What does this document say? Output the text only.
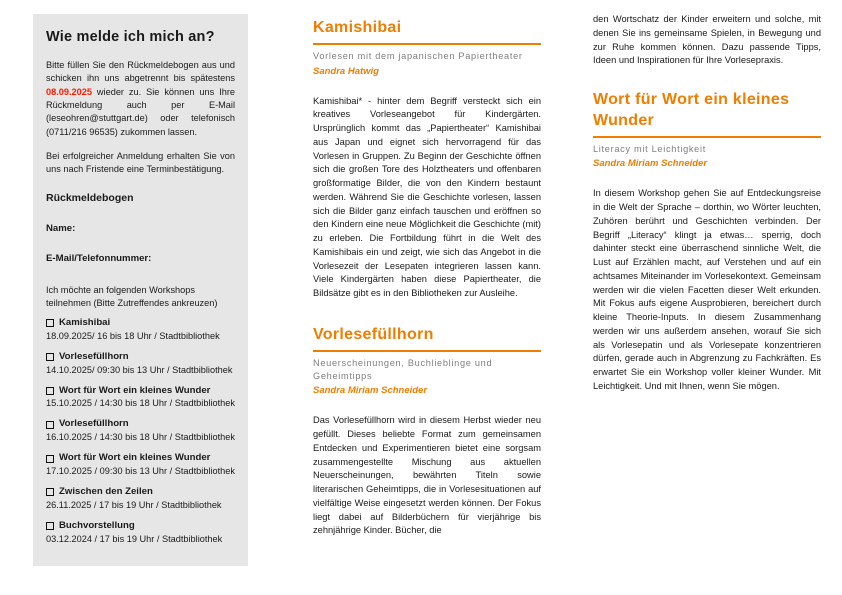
Wie melde ich mich an?

Bitte füllen Sie den Rückmeldebogen aus und schicken ihn uns abgetrennt bis spätestens 08.09.2025 wieder zu. Sie können uns Ihre Rückmeldung auch per E-Mail (leseohren@stuttgart.de) oder telefonisch (0711/216 96535) zukommen lassen.

Bei erfolgreicher Anmeldung erhalten Sie von uns nach Fristende eine Terminbestätigung.

Rückmeldebogen
Name:
E-Mail/Telefonnummer:
Ich möchte an folgenden Workshops teilnehmen (Bitte Zutreffendes ankreuzen)
Kamishibai
18.09.2025/ 16 bis 18 Uhr / Stadtbibliothek
Vorlesefüllhorn
14.10.2025/ 09:30 bis 13 Uhr / Stadtbibliothek
Wort für Wort ein kleines Wunder
15.10.2025 / 14:30 bis 18 Uhr / Stadtbibliothek
Vorlesefüllhorn
16.10.2025 / 14:30 bis 18 Uhr / Stadtbibliothek
Wort für Wort ein kleines Wunder
17.10.2025 / 09:30 bis 13 Uhr / Stadtbibliothek
Zwischen den Zeilen
26.11.2025 / 17 bis 19 Uhr / Stadtbibliothek
Buchvorstellung
03.12.2024 / 17 bis 19 Uhr / Stadtbibliothek
Kamishibai
Vorlesen mit dem japanischen Papiertheater
Sandra Hatwig

Kamishibai* - hinter dem Begriff versteckt sich ein kreatives Vorleseangebot für Kindergärten. Ursprünglich kommt das „Papiertheater“ Kamishibai aus Japan und eignet sich hervorragend für das Vorlesen in Gruppen. Zu Beginn der Geschichte öffnen sich die großen Tore des Holztheaters und offenbaren großformatige Bilder, die von den Kindern bestaunt werden. Während Sie die Geschichte vorlesen, lassen sich die Bilder ganz einfach tauschen und eröffnen so den Kindern eine neue Möglichkeit die Geschichte (mit) zu erleben. Die Fortbildung führt in die Welt des Kamishibais ein und zeigt, wie sich das Angebot in die Vorlesezeit der Lesepaten integrieren lassen kann. Viele Kindergärten haben diese Papiertheater, die Bildsätze gibt es in den Bibliotheken zur Ausleihe.

Vorlesefüllhorn
Neuerscheinungen, Buchlieblinge und Geheimtipps
Sandra Miriam Schneider

Das Vorlesefüllhorn wird in diesem Herbst wieder neu gefüllt. Dieses beliebte Format zum gemeinsamen Entdecken und Experimentieren bietet eine sorgsam zusammengestellte Mischung aus aktuellen Neuerscheinungen, bewährten Titeln sowie literarischen Geheimtipps, die in Vorlesesituationen auf vielfältige Weise eingesetzt werden können. Der Fokus liegt dabei auf Bilderbüchern für vierjährige bis zehnjährige Kinder. Bücher, die

den Wortschatz der Kinder erweitern und solche, mit denen Sie ins gemeinsame Spielen, in Bewegung und zur Ruhe kommen können. Dazu passende Tipps, Ideen und Inspirationen für Ihre Vorlesepraxis.

Wort für Wort ein kleines Wunder
Literacy mit Leichtigkeit
Sandra Miriam Schneider

In diesem Workshop gehen Sie auf Entdeckungsreise in die Welt der Sprache – dorthin, wo Wörter leuchten, Zuhören berührt und Geschichten verbinden. Der Begriff „Literacy“ klingt ja etwas… sperrig, doch dahinter steckt eine überraschend sinnliche Welt, die Lust auf Erzählen macht, auf Verstehen und auf ein achtsames Miteinander im Vorlesekontext. Gemeinsam werden wir die vielen Facetten dieser Welt erkunden. Mit Fokus aufs eigene Ausprobieren, bereichert durch kleine Theorie-Inputs. In diesem Zusammenhang werden wir uns außerdem ansehen, worauf Sie sich als Vorlesepatin und als Vorlesepate konzentrieren dürfen, gerade auch in Abgrenzung zu Fachkräften. Es erwartet Sie ein Workshop voller kleiner Wunder. Mit Leichtigkeit. Und mit Ihnen, wenn Sie mögen.
